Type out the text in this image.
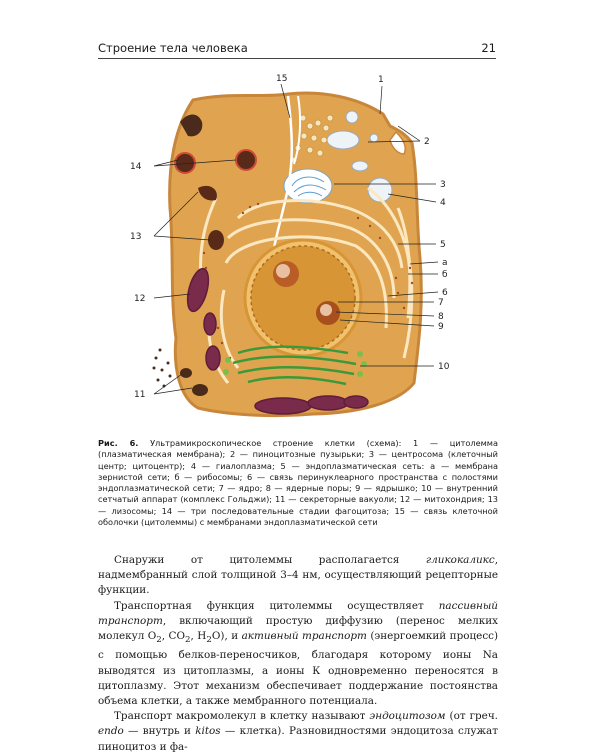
Строение тела человека	21
1
15
2
3
4
5
а
б
6
7
8
9
10
14
13
12
11
Рис. 6. Ультрамикроскопическое строение клетки (схема): 1 — цитолемма (плазматическая мембрана); 2 — пиноцитозные пузырьки; 3 — центросома (клеточный центр; цитоцентр); 4 — гиалоплазма; 5 — эндоплазматическая сеть: а — мембрана зернистой сети; б — рибосомы; 6 — связь перинуклеарного пространства с полостями эндоплазматической сети; 7 — ядро; 8 — ядерные поры; 9 — ядрышко; 10 — внутренний сетчатый аппарат (комплекс Гольджи); 11 — секреторные вакуоли; 12 — митохондрия; 13 — лизосомы; 14 — три последовательные стадии фагоцитоза; 15 — связь клеточной оболочки (цитолеммы) с мембранами эндоплазматической сети

Снаружи от цитолеммы располагается гликокаликс, надмембранный слой толщиной 3–4 нм, осуществляющий рецепторные функции.

Транспортная функция цитолеммы осуществляет пассивный транспорт, включающий простую диффузию (перенос мелких молекул $O_2$, $CO_2$, $H_2O$), и активный транспорт (энергоемкий процесс) с помощью белков-переносчиков, благодаря которому ионы Na выводятся из цитоплазмы, а ионы К одновременно переносятся в цитоплазму. Этот механизм обеспечивает поддержание постоянства объема клетки, а также мембранного потенциала.

Транспорт макромолекул в клетку называют эндоцитозом (от греч. endo — внутрь и kitos — клетка). Разновидностями эндоцитоза служат пиноцитоз и фа-
